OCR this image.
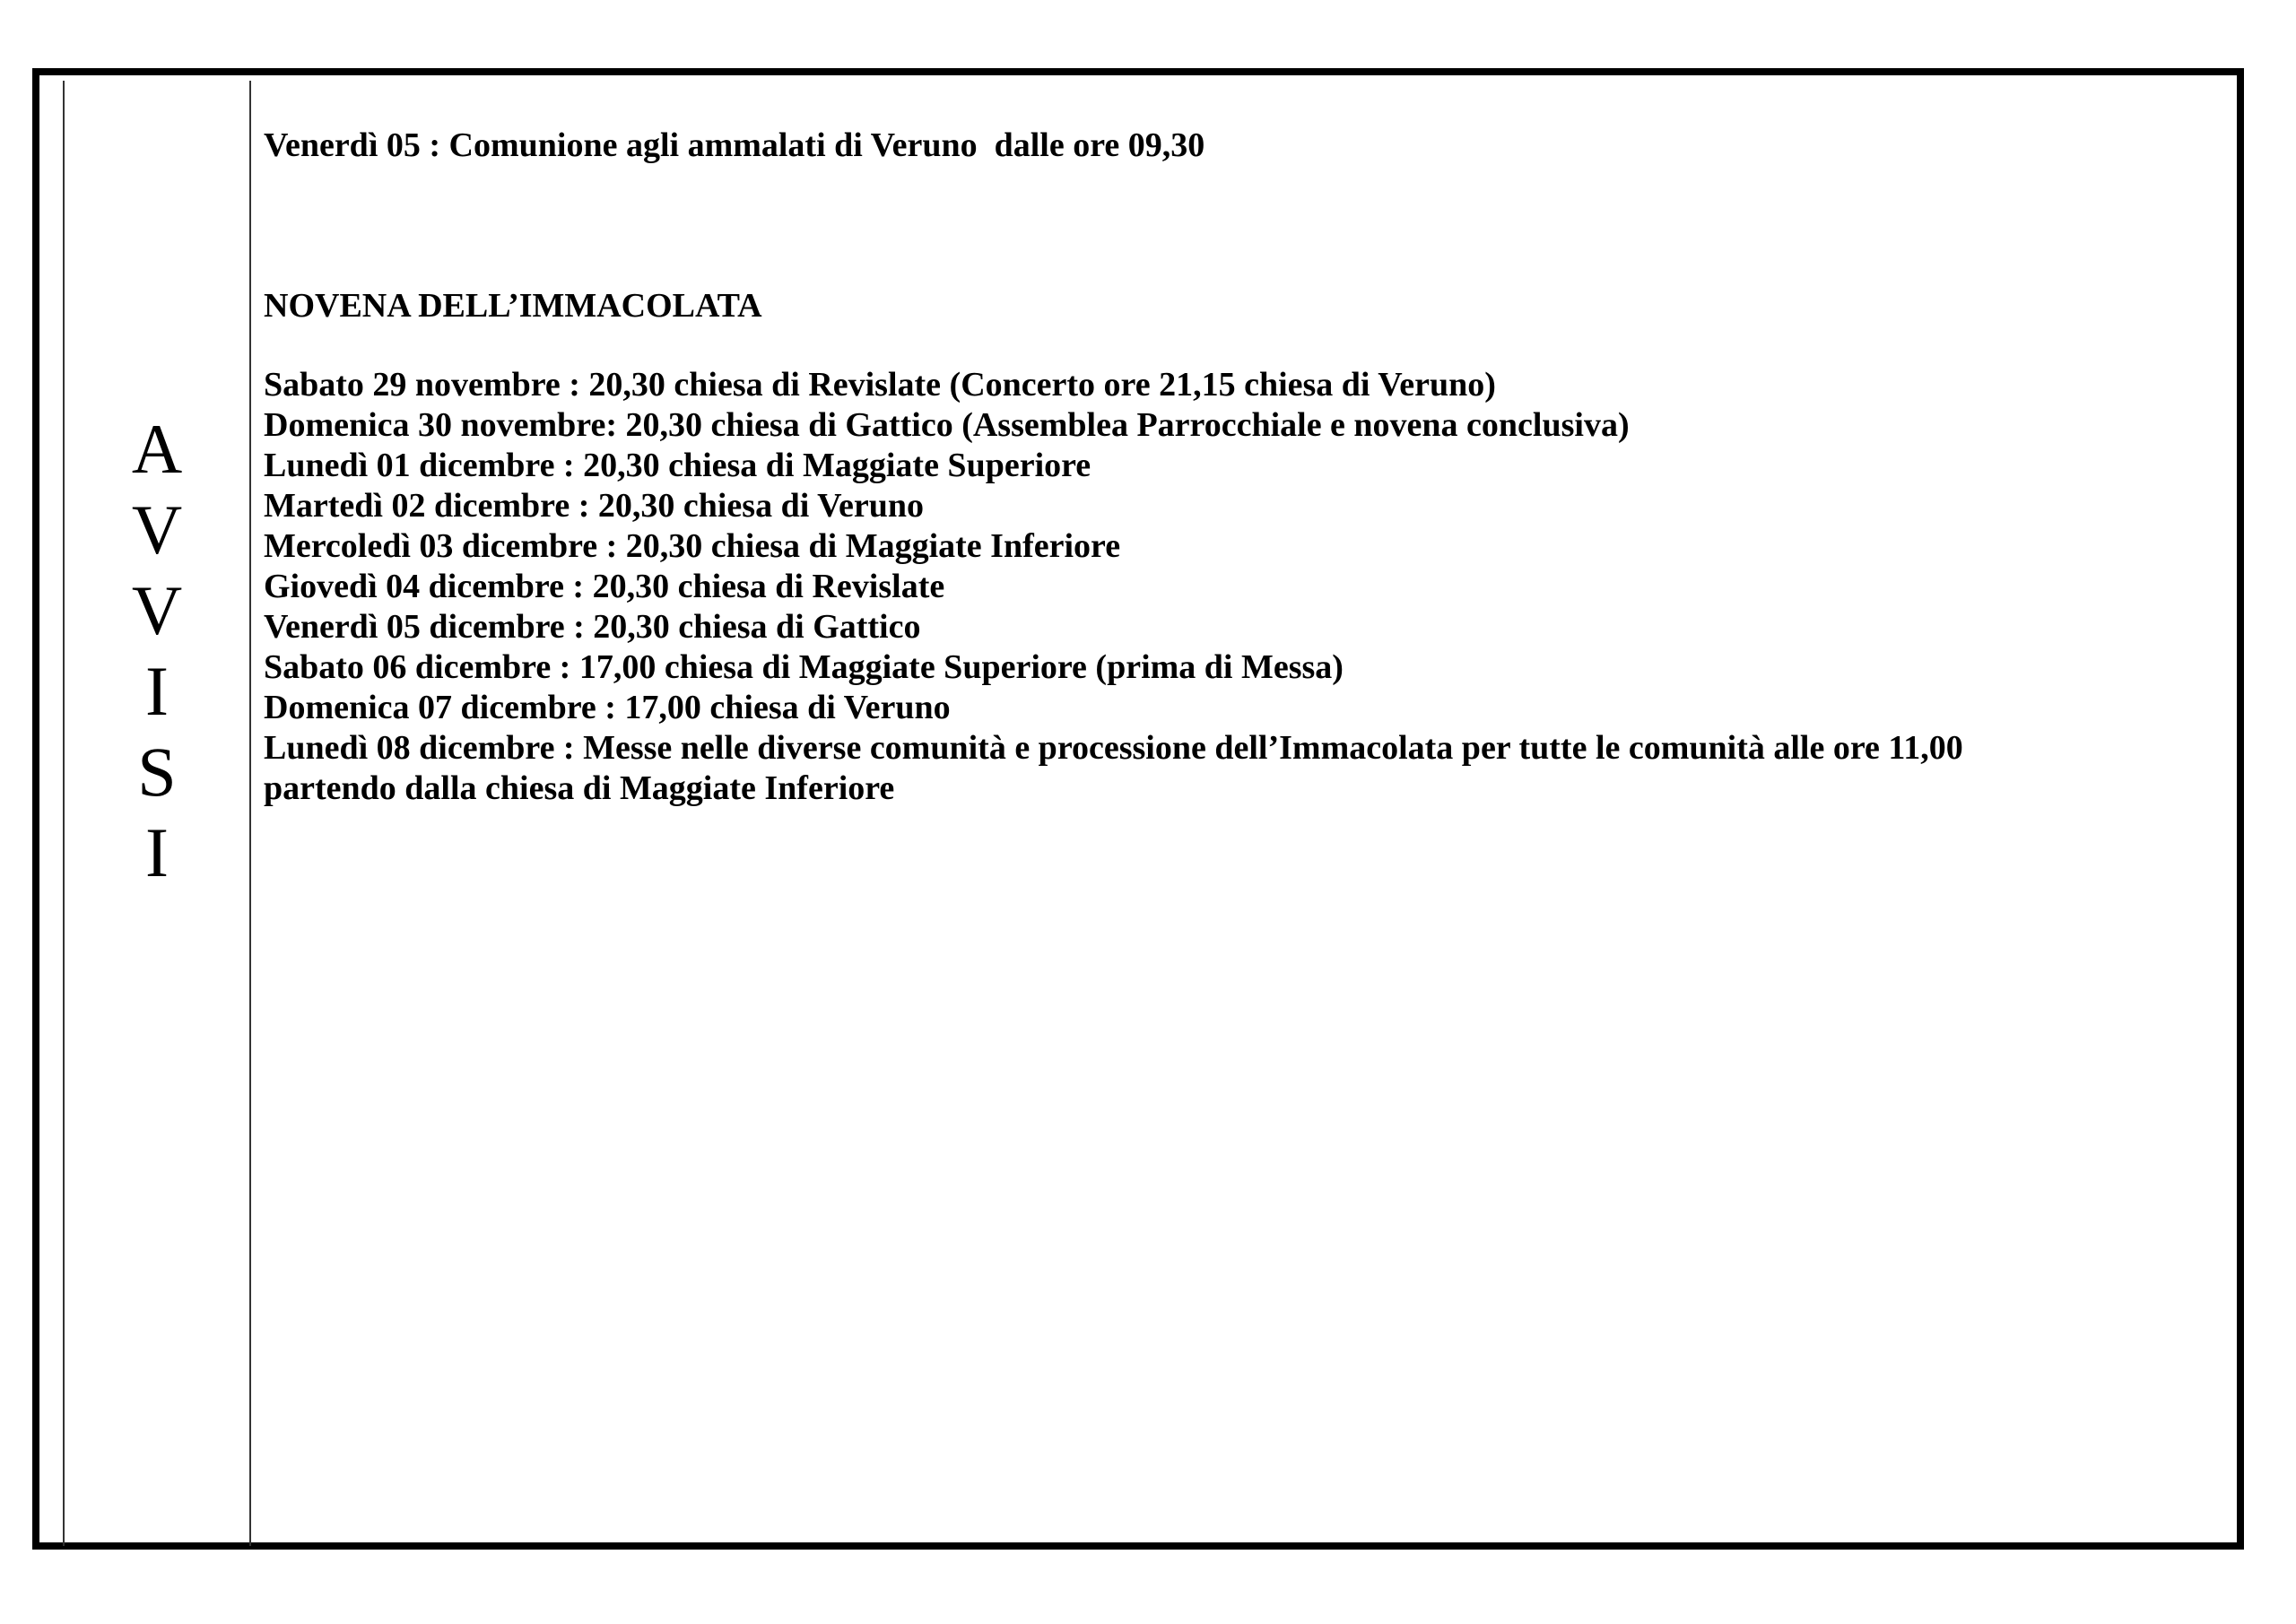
A
V
V
I
S
I

Venerdì 05 : Comunione agli ammalati di Veruno  dalle ore 09,30

NOVENA DELL’IMMACOLATA

Sabato 29 novembre : 20,30 chiesa di Revislate (Concerto ore 21,15 chiesa di Veruno)

Domenica 30 novembre: 20,30 chiesa di Gattico (Assemblea Parrocchiale e novena conclusiva)

Lunedì 01 dicembre : 20,30 chiesa di Maggiate Superiore

Martedì 02 dicembre : 20,30 chiesa di Veruno

Mercoledì 03 dicembre : 20,30 chiesa di Maggiate Inferiore

Giovedì 04 dicembre : 20,30 chiesa di Revislate

Venerdì 05 dicembre : 20,30 chiesa di Gattico

Sabato 06 dicembre : 17,00 chiesa di Maggiate Superiore (prima di Messa)

Domenica 07 dicembre : 17,00 chiesa di Veruno

Lunedì 08 dicembre : Messe nelle diverse comunità e processione dell’Immacolata per tutte le comunità alle ore 11,00

partendo dalla chiesa di Maggiate Inferiore
